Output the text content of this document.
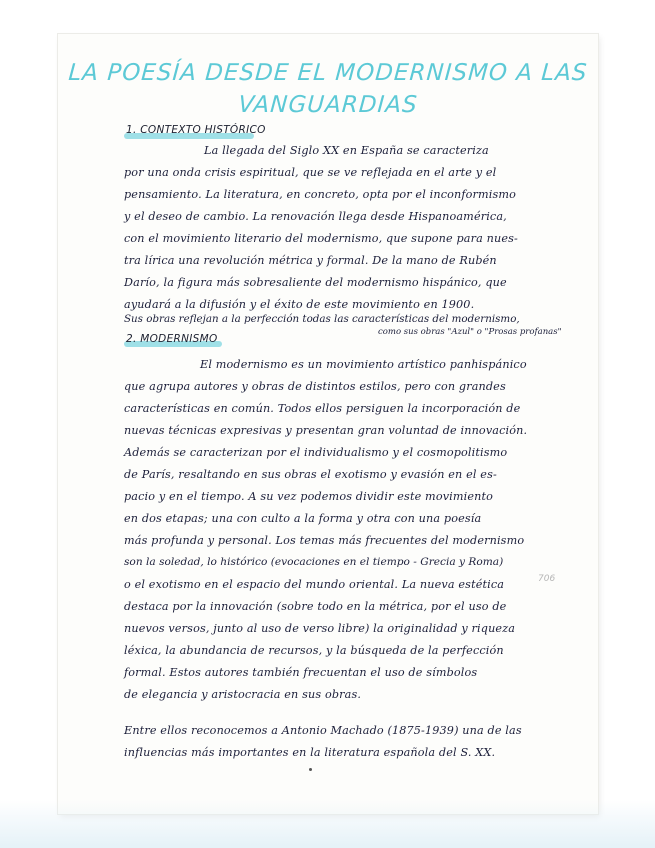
LA POESÍA DESDE EL MODERNISMO A LAS
VANGUARDIAS
1. CONTEXTO HISTÓRICO
La llegada del Siglo XX en España se caracteriza
por una onda crisis espiritual, que se ve reflejada en el arte y el
pensamiento. La literatura, en concreto, opta por el inconformismo
y el deseo de cambio. La renovación llega desde Hispanoamérica,
con el movimiento literario del modernismo, que supone para nues-
tra lírica una revolución métrica y formal. De la mano de Rubén
Darío, la figura más sobresaliente del modernismo hispánico, que
ayudará a la difusión y el éxito de este movimiento en 1900.
Sus obras reflejan a la perfección todas las características del modernismo,
como sus obras "Azul" o "Prosas profanas"
2. MODERNISMO
El modernismo es un movimiento artístico panhispánico
que agrupa autores y obras de distintos estilos, pero con grandes
características en común. Todos ellos persiguen la incorporación de
nuevas técnicas expresivas y presentan gran voluntad de innovación.
Además se caracterizan por el individualismo y el cosmopolitismo
de París, resaltando en sus obras el exotismo y evasión en el es-
pacio y en el tiempo. A su vez podemos dividir este movimiento
en dos etapas; una con culto a la forma y otra con una poesía
más profunda y personal. Los temas más frecuentes del modernismo
son la soledad, lo histórico (evocaciones en el tiempo - Grecia y Roma)
o el exotismo en el espacio del mundo oriental. La nueva estética	706
destaca por la innovación (sobre todo en la métrica, por el uso de
nuevos versos, junto al uso de verso libre) la originalidad y riqueza
léxica, la abundancia de recursos, y la búsqueda de la perfección
formal. Estos autores también frecuentan el uso de símbolos
de elegancia y aristocracia en sus obras.
Entre ellos reconocemos a Antonio Machado (1875-1939) una de las
influencias más importantes en la literatura española del S. XX.
